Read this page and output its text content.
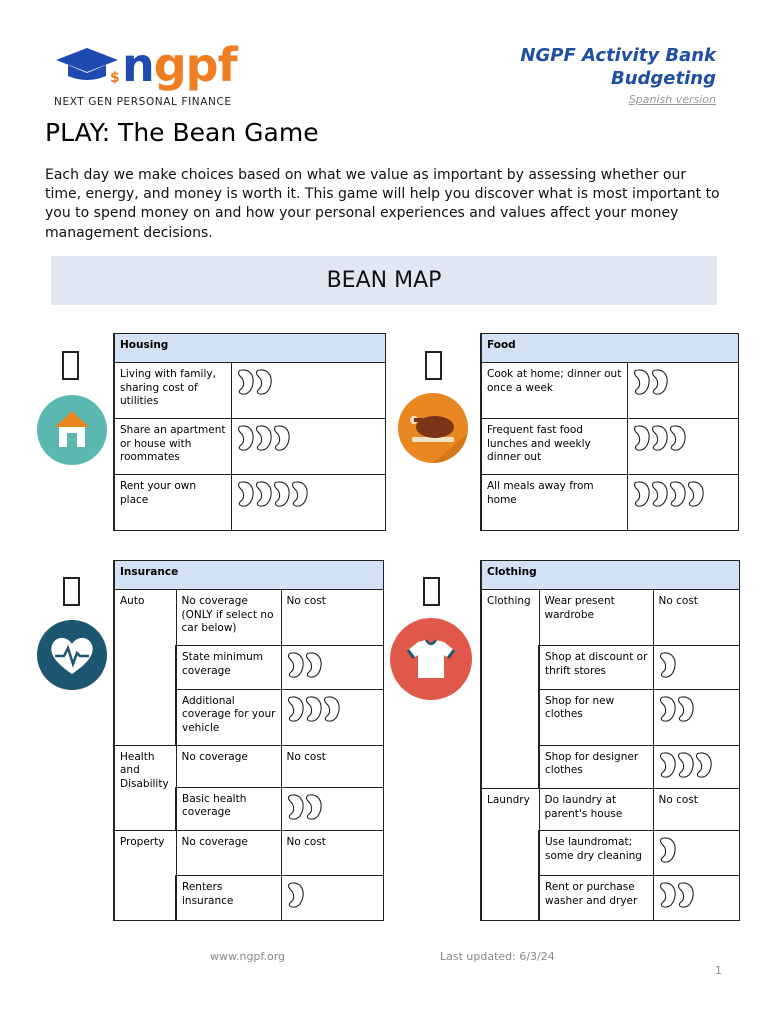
$ ngpf
NEXT GEN PERSONAL FINANCE
NGPF Activity Bank
Budgeting
Spanish version
PLAY: The Bean Game
Each day we make choices based on what we value as important by assessing whether our time, energy, and money is worth it. This game will help you discover what is most important to you to spend money on and how your personal experiences and values affect your money management decisions.
BEAN MAP
Housing	
Living with family, sharing cost of utilities	

Share an apartment or house with roommates	

Rent your own place	
Food	
Cook at home; dinner out once a week	

Frequent fast food lunches and weekly dinner out	

All meals away from home	
Insurance		
Auto	No coverage (ONLY if select no car below)	No cost
	State minimum coverage	

	Additional coverage for your vehicle	

Health and Disability	No coverage	No cost
	Basic health coverage	

Property	No coverage	No cost
	Renters insurance	
Clothing		
Clothing	Wear present wardrobe	No cost
	Shop at discount or thrift stores	

	Shop for new clothes	

	Shop for designer clothes	

Laundry	Do laundry at parent's house	No cost
	Use laundromat; some dry cleaning	

	Rent or purchase washer and dryer	
www.ngpf.org	Last updated: 6/3/24
1
